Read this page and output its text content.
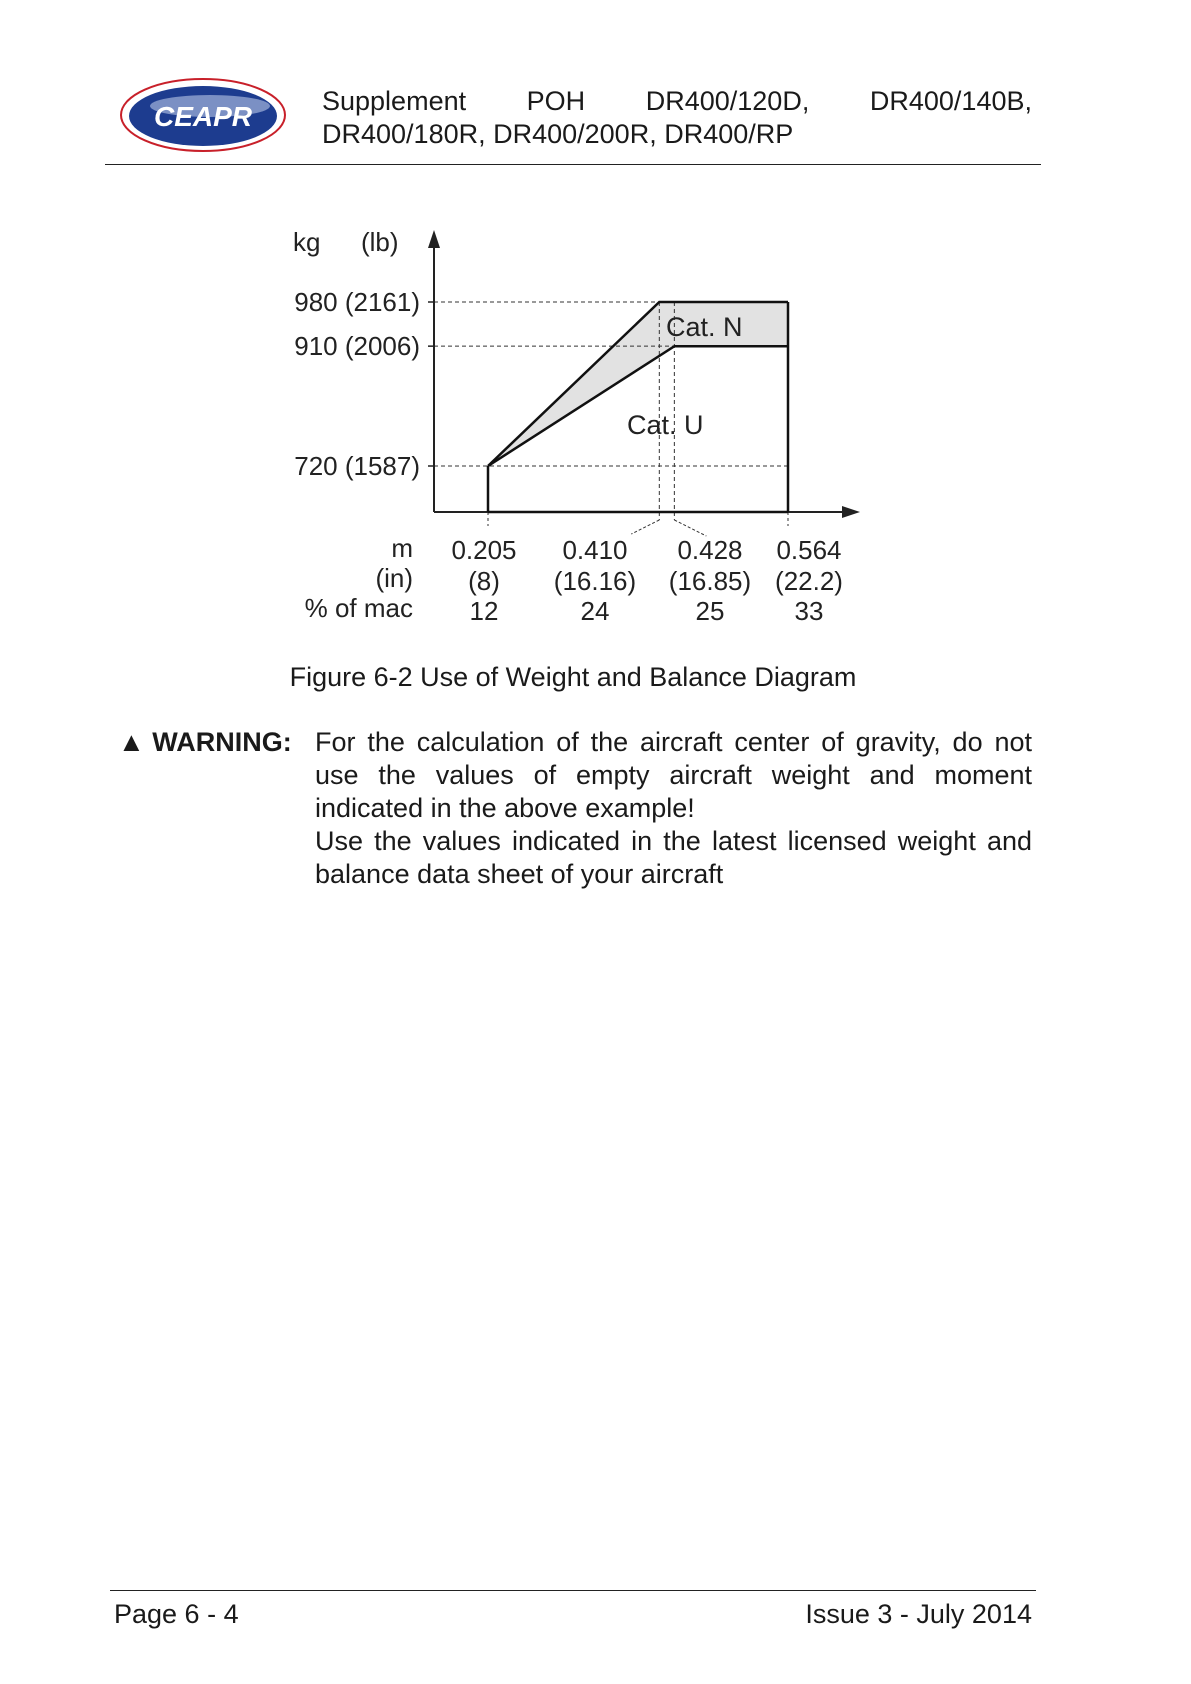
CEAPR	Supplement POH DR400/120D, DR400/140B,
DR400/180R, DR400/200R, DR400/RP
kg (lb)
m
(in)
% of mac
980 (2161)
910 (2006)
720 (1587)
Cat. N
Cat. U
0.205
(8)
12
0.410
(16.16)
24
0.428
(16.85)
25
0.564
(22.2)
33
Figure 6-2 Use of Weight and Balance Diagram
▲ WARNING: For the calculation of the aircraft center of gravity, do not use the values of empty aircraft weight and moment indicated in the above example!

Use the values indicated in the latest licensed weight and balance data sheet of your aircraft

Page 6 - 4	Issue 3 - July 2014
